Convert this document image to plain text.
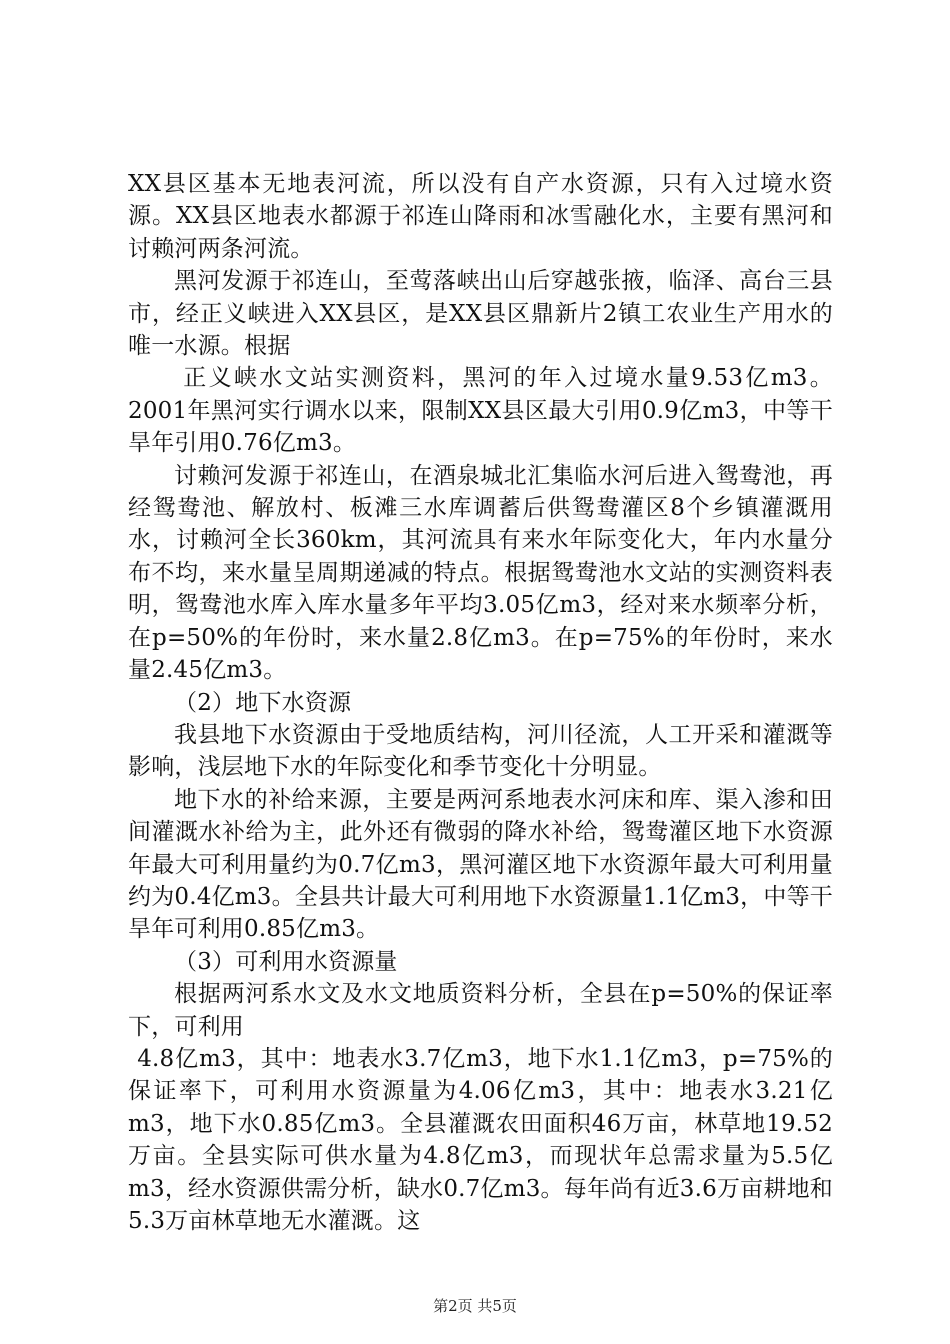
XX县区基本无地表河流，所以没有自产水资源，只有入过境水资源。XX县区地表水都源于祁连山降雨和冰雪融化水，主要有黑河和讨赖河两条河流。

黑河发源于祁连山，至莺落峡出山后穿越张掖，临泽、高台三县市，经正义峡进入XX县区，是XX县区鼎新片2镇工农业生产用水的唯一水源。根据

正义峡水文站实测资料，黑河的年入过境水量9.53亿m3。2001年黑河实行调水以来，限制XX县区最大引用0.9亿m3，中等干旱年引用0.76亿m3。

讨赖河发源于祁连山，在酒泉城北汇集临水河后进入鸳鸯池，再经鸳鸯池、解放村、板滩三水库调蓄后供鸳鸯灌区8个乡镇灌溉用水，讨赖河全长360km，其河流具有来水年际变化大，年内水量分布不均，来水量呈周期递减的特点。根据鸳鸯池水文站的实测资料表明，鸳鸯池水库入库水量多年平均3.05亿m3，经对来水频率分析，在p=50%的年份时，来水量2.8亿m3。在p=75%的年份时，来水量2.45亿m3。

（2）地下水资源

我县地下水资源由于受地质结构，河川径流，人工开采和灌溉等影响，浅层地下水的年际变化和季节变化十分明显。

地下水的补给来源，主要是两河系地表水河床和库、渠入渗和田间灌溉水补给为主，此外还有微弱的降水补给，鸳鸯灌区地下水资源年最大可利用量约为0.7亿m3，黑河灌区地下水资源年最大可利用量约为0.4亿m3。全县共计最大可利用地下水资源量1.1亿m3，中等干旱年可利用0.85亿m3。

（3）可利用水资源量

根据两河系水文及水文地质资料分析，全县在p=50%的保证率下，可利用

4.8亿m3，其中：地表水3.7亿m3，地下水1.1亿m3，p=75%的保证率下，可利用水资源量为4.06亿m3，其中：地表水3.21亿m3，地下水0.85亿m3。全县灌溉农田面积46万亩，林草地19.52万亩。全县实际可供水量为4.8亿m3，而现状年总需求量为5.5亿m3，经水资源供需分析，缺水0.7亿m3。每年尚有近3.6万亩耕地和5.3万亩林草地无水灌溉。这

第2页 共5页
